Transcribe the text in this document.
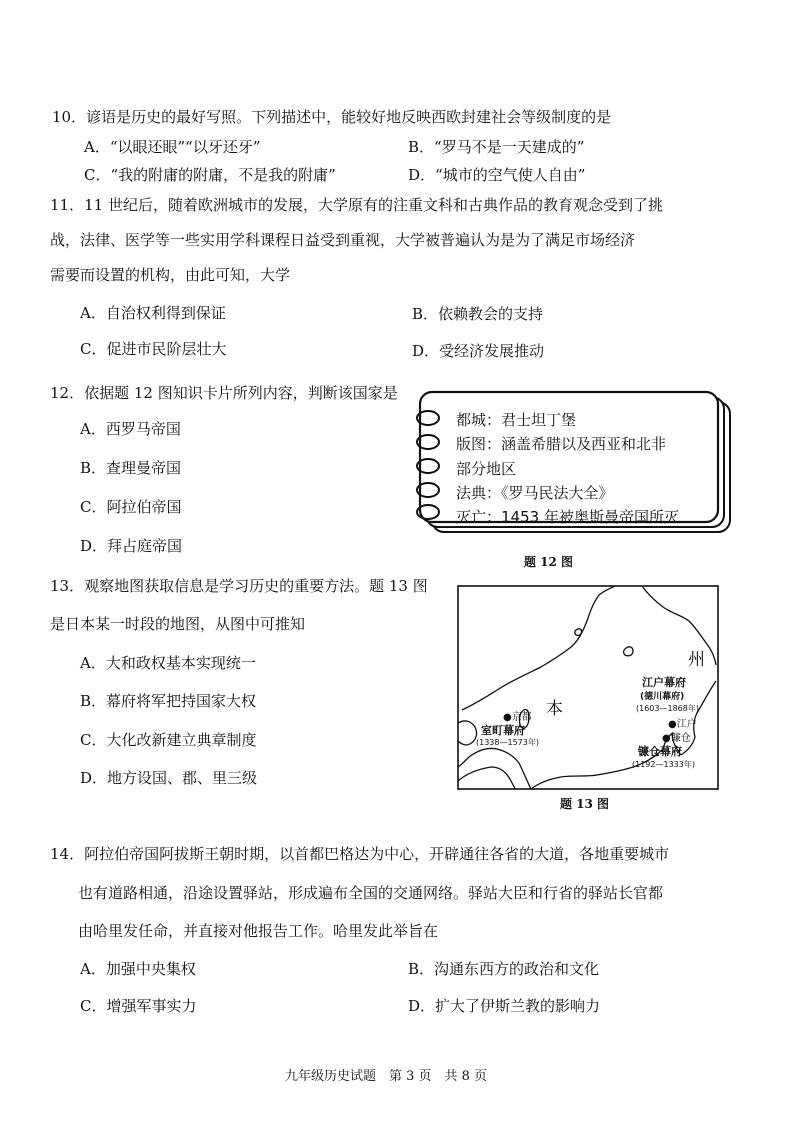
10．谚语是历史的最好写照。下列描述中，能较好地反映西欧封建社会等级制度的是
A．“以眼还眼”“以牙还牙”	B．“罗马不是一天建成的”
C．“我的附庸的附庸，不是我的附庸”	D．“城市的空气使人自由”
11．11 世纪后，随着欧洲城市的发展，大学原有的注重文科和古典作品的教育观念受到了挑
战，法律、医学等一些实用学科课程日益受到重视，大学被普遍认为是为了满足市场经济
需要而设置的机构，由此可知，大学
A．自治权利得到保证	B．依赖教会的支持
C．促进市民阶层壮大	D．受经济发展推动
12．依据题 12 图知识卡片所列内容，判断该国家是
A．西罗马帝国
B．查理曼帝国
C．阿拉伯帝国
D．拜占庭帝国
都城：君士坦丁堡
版图：涵盖希腊以及西亚和北非
部分地区
法典：《罗马民法大全》
灭亡：1453 年被奥斯曼帝国所灭
题 12 图
13．观察地图获取信息是学习历史的重要方法。题 13 图
是日本某一时段的地图，从图中可推知
A．大和政权基本实现统一
B．幕府将军把持国家大权
C．大化改新建立典章制度
D．地方设国、郡、里三级
州
本
江户幕府
(德川幕府)
(1603—1868年)
●江户
●镰仓
镰仓幕府
(1192—1333年)
●京都
室町幕府
(1338—1573年)
题 13 图
14．阿拉伯帝国阿拔斯王朝时期，以首都巴格达为中心，开辟通往各省的大道，各地重要城市
也有道路相通，沿途设置驿站，形成遍布全国的交通网络。驿站大臣和行省的驿站长官都
由哈里发任命，并直接对他报告工作。哈里发此举旨在
A．加强中央集权	B．沟通东西方的政治和文化
C．增强军事实力	D．扩大了伊斯兰教的影响力
九年级历史试题　第 3 页　共 8 页
